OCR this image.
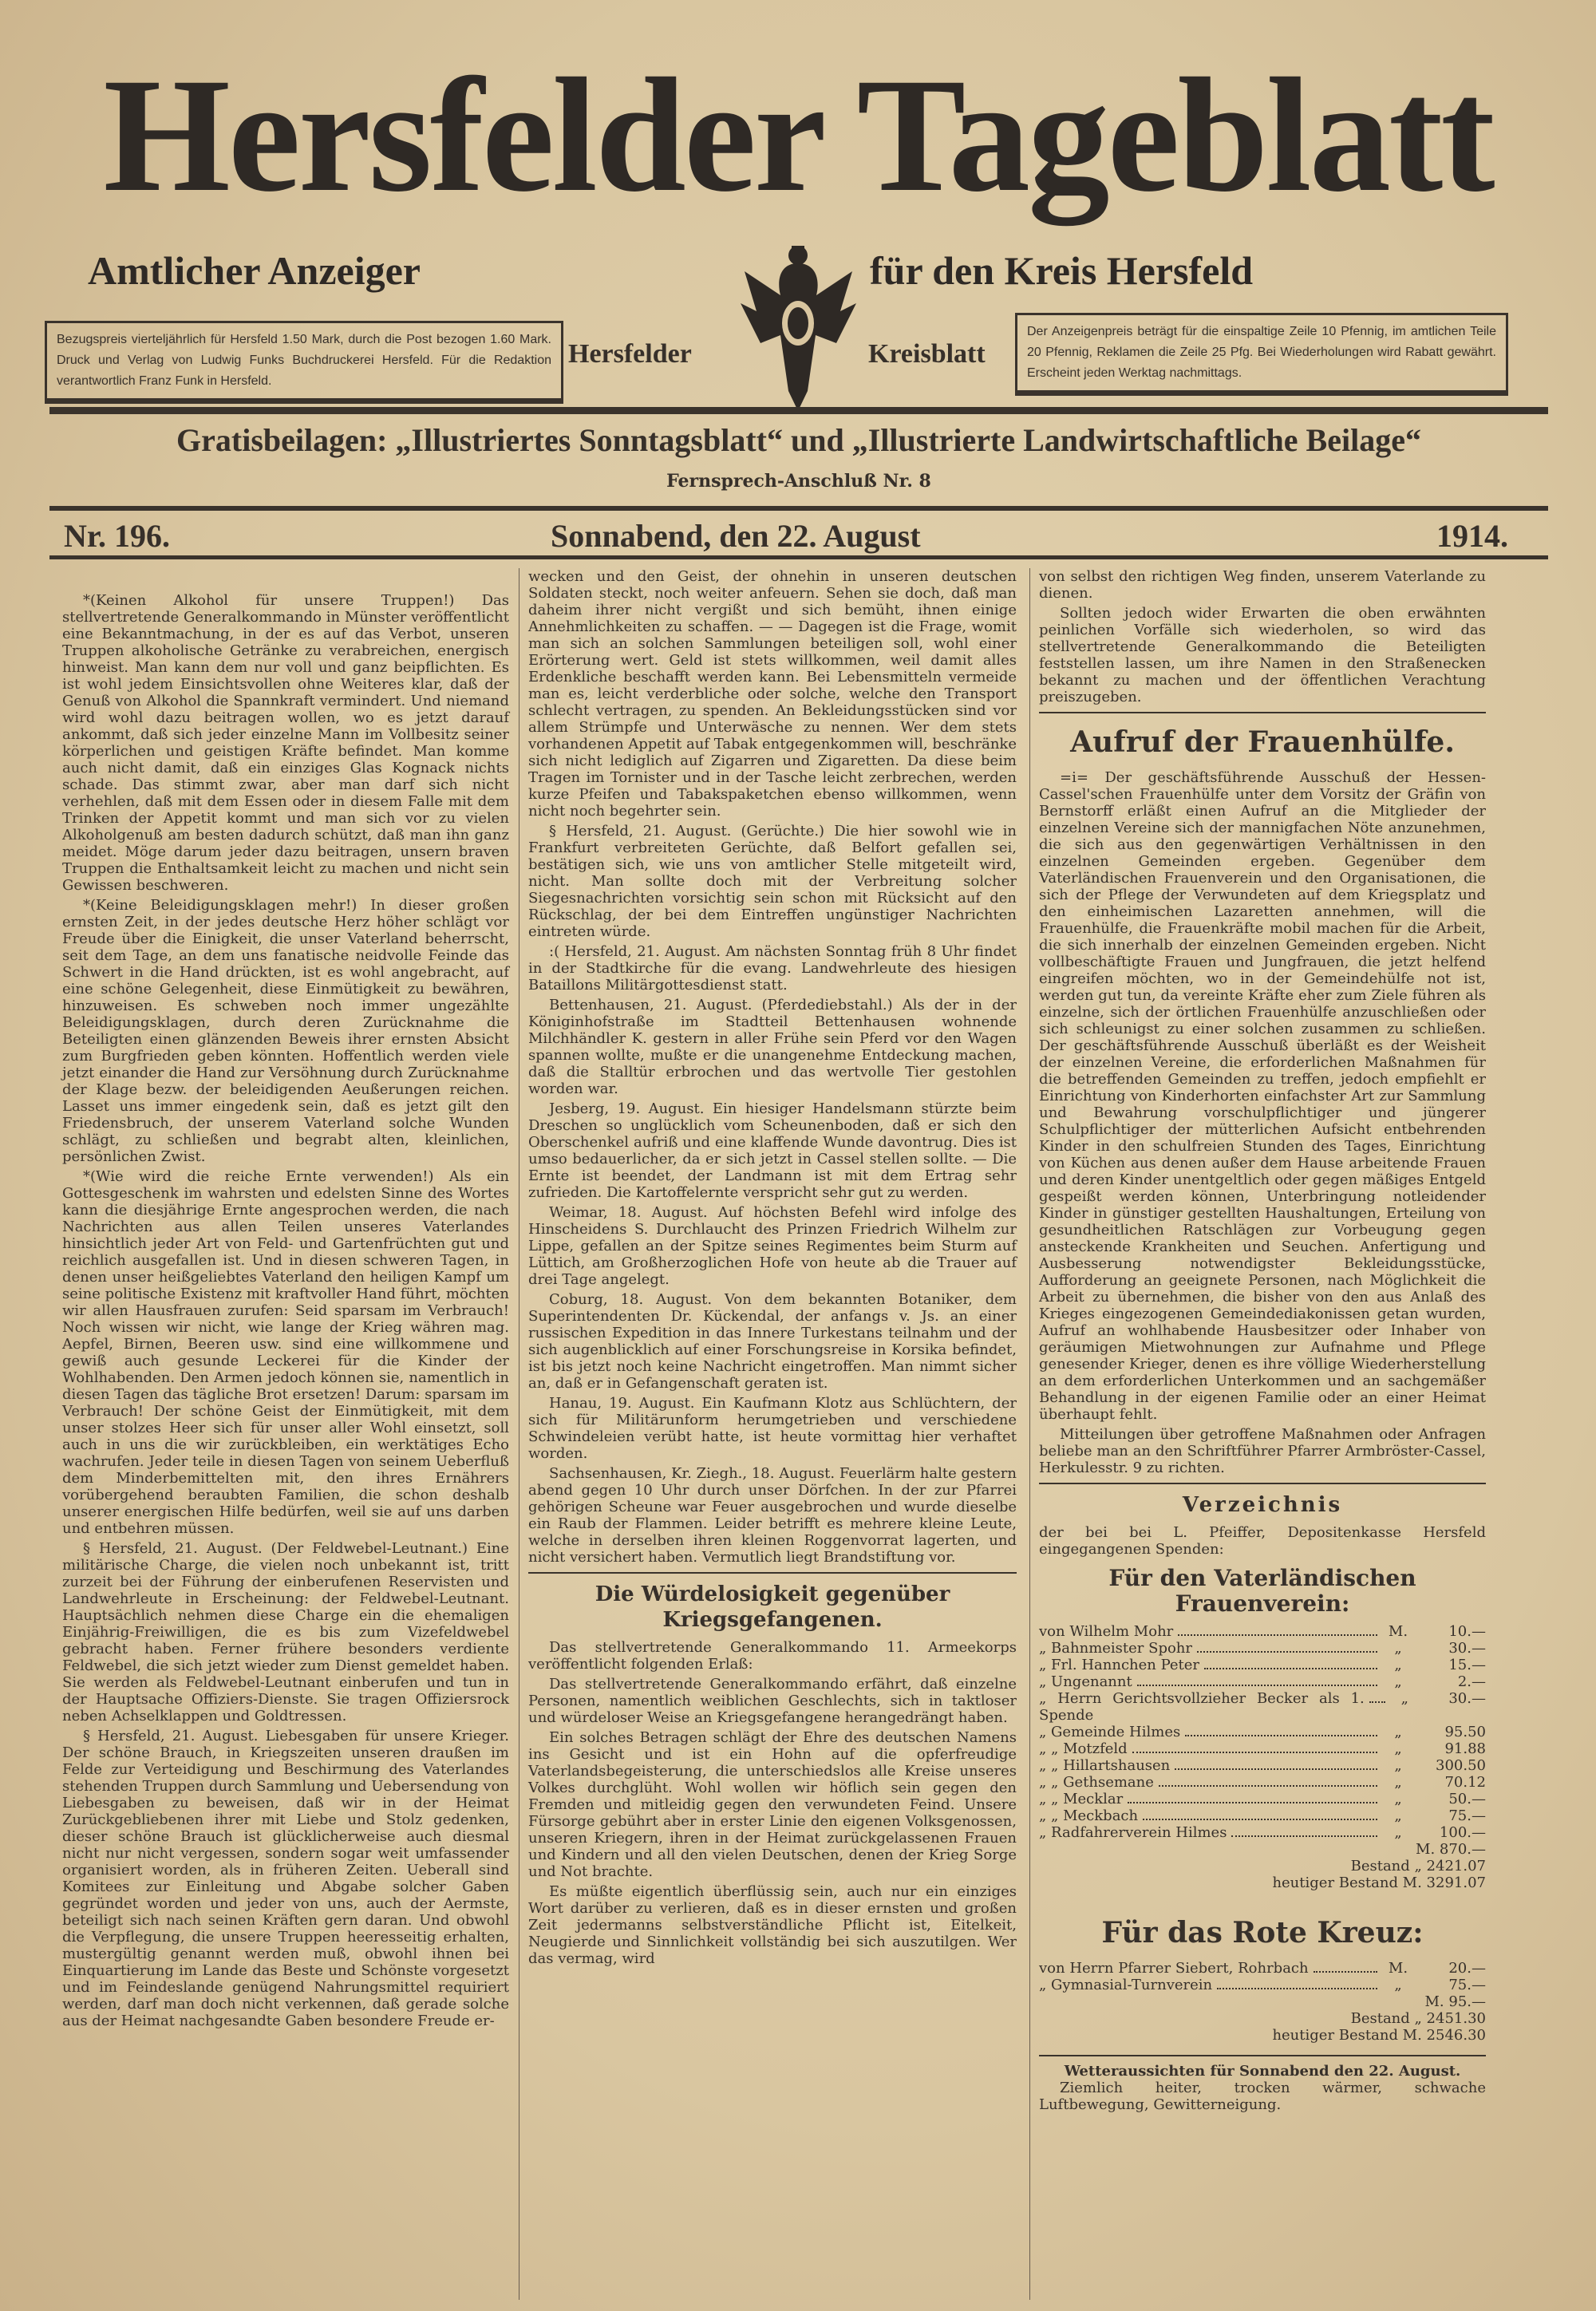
Hersfelder Tageblatt
Amtlicher Anzeiger	für den Kreis Hersfeld
Bezugspreis vierteljährlich für Hersfeld 1.50 Mark, durch die Post bezogen 1.60 Mark. Druck und Verlag von Ludwig Funks Buchdruckerei Hersfeld. Für die Redaktion verantwortlich Franz Funk in Hersfeld.
Der Anzeigenpreis beträgt für die einspaltige Zeile 10 Pfennig, im amtlichen Teile 20 Pfennig, Reklamen die Zeile 25 Pfg. Bei Wiederholungen wird Rabatt gewährt. Erscheint jeden Werktag nachmittags.
Hersfelder	Kreisblatt
Gratisbeilagen: „Illustriertes Sonntagsblatt“ und „Illustrierte Landwirtschaftliche Beilage“
Fernsprech-Anschluß Nr. 8
Nr. 196.	Sonnabend, den 22. August	1914.

*(Keinen Alkohol für unsere Truppen!) Das stellvertretende Generalkommando in Münster veröffentlicht eine Bekanntmachung, in der es auf das Verbot, unseren Truppen alkoholische Getränke zu verabreichen, energisch hinweist. Man kann dem nur voll und ganz beipflichten. Es ist wohl jedem Einsichtsvollen ohne Weiteres klar, daß der Genuß von Alkohol die Spannkraft vermindert. Und niemand wird wohl dazu beitragen wollen, wo es jetzt darauf ankommt, daß sich jeder einzelne Mann im Vollbesitz seiner körperlichen und geistigen Kräfte befindet. Man komme auch nicht damit, daß ein einziges Glas Kognack nichts schade. Das stimmt zwar, aber man darf sich nicht verhehlen, daß mit dem Essen oder in diesem Falle mit dem Trinken der Appetit kommt und man sich vor zu vielen Alkoholgenuß am besten dadurch schützt, daß man ihn ganz meidet. Möge darum jeder dazu beitragen, unsern braven Truppen die Enthaltsamkeit leicht zu machen und nicht sein Gewissen beschweren.

*(Keine Beleidigungsklagen mehr!) In dieser großen ernsten Zeit, in der jedes deutsche Herz höher schlägt vor Freude über die Einigkeit, die unser Vaterland beherrscht, seit dem Tage, an dem uns fanatische neidvolle Feinde das Schwert in die Hand drückten, ist es wohl angebracht, auf eine schöne Gelegenheit, diese Einmütigkeit zu bewähren, hinzuweisen. Es schweben noch immer ungezählte Beleidigungsklagen, durch deren Zurücknahme die Beteiligten einen glänzenden Beweis ihrer ernsten Absicht zum Burgfrieden geben könnten. Hoffentlich werden viele jetzt einander die Hand zur Versöhnung durch Zurücknahme der Klage bezw. der beleidigenden Aeußerungen reichen. Lasset uns immer eingedenk sein, daß es jetzt gilt den Friedensbruch, der unserem Vaterland solche Wunden schlägt, zu schließen und begrabt alten, kleinlichen, persönlichen Zwist.

*(Wie wird die reiche Ernte verwenden!) Als ein Gottesgeschenk im wahrsten und edelsten Sinne des Wortes kann die diesjährige Ernte angesprochen werden, die nach Nachrichten aus allen Teilen unseres Vaterlandes hinsichtlich jeder Art von Feld- und Gartenfrüchten gut und reichlich ausgefallen ist. Und in diesen schweren Tagen, in denen unser heißgeliebtes Vaterland den heiligen Kampf um seine politische Existenz mit kraftvoller Hand führt, möchten wir allen Hausfrauen zurufen: Seid sparsam im Verbrauch! Noch wissen wir nicht, wie lange der Krieg währen mag. Aepfel, Birnen, Beeren usw. sind eine willkommene und gewiß auch gesunde Leckerei für die Kinder der Wohlhabenden. Den Armen jedoch können sie, namentlich in diesen Tagen das tägliche Brot ersetzen! Darum: sparsam im Verbrauch! Der schöne Geist der Einmütigkeit, mit dem unser stolzes Heer sich für unser aller Wohl einsetzt, soll auch in uns die wir zurückbleiben, ein werktätiges Echo wachrufen. Jeder teile in diesen Tagen von seinem Ueberfluß dem Minderbemittelten mit, den ihres Ernährers vorübergehend beraubten Familien, die schon deshalb unserer energischen Hilfe bedürfen, weil sie auf uns darben und entbehren müssen.

§ Hersfeld, 21. August. (Der Feldwebel-Leutnant.) Eine militärische Charge, die vielen noch unbekannt ist, tritt zurzeit bei der Führung der einberufenen Reservisten und Landwehrleute in Erscheinung: der Feldwebel-Leutnant. Hauptsächlich nehmen diese Charge ein die ehemaligen Einjährig-Freiwilligen, die es bis zum Vizefeldwebel gebracht haben. Ferner frühere besonders verdiente Feldwebel, die sich jetzt wieder zum Dienst gemeldet haben. Sie werden als Feldwebel-Leutnant einberufen und tun in der Hauptsache Offiziers-Dienste. Sie tragen Offiziersrock neben Achselklappen und Goldtressen.

§ Hersfeld, 21. August. Liebesgaben für unsere Krieger. Der schöne Brauch, in Kriegszeiten unseren draußen im Felde zur Verteidigung und Beschirmung des Vaterlandes stehenden Truppen durch Sammlung und Uebersendung von Liebesgaben zu beweisen, daß wir in der Heimat Zurückgebliebenen ihrer mit Liebe und Stolz gedenken, dieser schöne Brauch ist glücklicherweise auch diesmal nicht nur nicht vergessen, sondern sogar weit umfassender organisiert worden, als in früheren Zeiten. Ueberall sind Komitees zur Einleitung und Abgabe solcher Gaben gegründet worden und jeder von uns, auch der Aermste, beteiligt sich nach seinen Kräften gern daran. Und obwohl die Verpflegung, die unsere Truppen heeresseitig erhalten, mustergültig genannt werden muß, obwohl ihnen bei Einquartierung im Lande das Beste und Schönste vorgesetzt und im Feindeslande genügend Nahrungsmittel requiriert werden, darf man doch nicht verkennen, daß gerade solche aus der Heimat nachgesandte Gaben besondere Freude er-

wecken und den Geist, der ohnehin in unseren deutschen Soldaten steckt, noch weiter anfeuern. Sehen sie doch, daß man daheim ihrer nicht vergißt und sich bemüht, ihnen einige Annehmlichkeiten zu schaffen. — — Dagegen ist die Frage, womit man sich an solchen Sammlungen beteiligen soll, wohl einer Erörterung wert. Geld ist stets willkommen, weil damit alles Erdenkliche beschafft werden kann. Bei Lebensmitteln vermeide man es, leicht verderbliche oder solche, welche den Transport schlecht vertragen, zu spenden. An Bekleidungsstücken sind vor allem Strümpfe und Unterwäsche zu nennen. Wer dem stets vorhandenen Appetit auf Tabak entgegenkommen will, beschränke sich nicht lediglich auf Zigarren und Zigaretten. Da diese beim Tragen im Tornister und in der Tasche leicht zerbrechen, werden kurze Pfeifen und Tabakspaketchen ebenso willkommen, wenn nicht noch begehrter sein.

§ Hersfeld, 21. August. (Gerüchte.) Die hier sowohl wie in Frankfurt verbreiteten Gerüchte, daß Belfort gefallen sei, bestätigen sich, wie uns von amtlicher Stelle mitgeteilt wird, nicht. Man sollte doch mit der Verbreitung solcher Siegesnachrichten vorsichtig sein schon mit Rücksicht auf den Rückschlag, der bei dem Eintreffen ungünstiger Nachrichten eintreten würde.

:( Hersfeld, 21. August. Am nächsten Sonntag früh 8 Uhr findet in der Stadtkirche für die evang. Landwehrleute des hiesigen Bataillons Militärgottesdienst statt.

Bettenhausen, 21. August. (Pferdediebstahl.) Als der in der Königinhofstraße im Stadtteil Bettenhausen wohnende Milchhändler K. gestern in aller Frühe sein Pferd vor den Wagen spannen wollte, mußte er die unangenehme Entdeckung machen, daß die Stalltür erbrochen und das wertvolle Tier gestohlen worden war.

Jesberg, 19. August. Ein hiesiger Handelsmann stürzte beim Dreschen so unglücklich vom Scheunenboden, daß er sich den Oberschenkel aufriß und eine klaffende Wunde davontrug. Dies ist umso bedauerlicher, da er sich jetzt in Cassel stellen sollte. — Die Ernte ist beendet, der Landmann ist mit dem Ertrag sehr zufrieden. Die Kartoffelernte verspricht sehr gut zu werden.

Weimar, 18. August. Auf höchsten Befehl wird infolge des Hinscheidens S. Durchlaucht des Prinzen Friedrich Wilhelm zur Lippe, gefallen an der Spitze seines Regimentes beim Sturm auf Lüttich, am Großherzoglichen Hofe von heute ab die Trauer auf drei Tage angelegt.

Coburg, 18. August. Von dem bekannten Botaniker, dem Superintendenten Dr. Kückendal, der anfangs v. Js. an einer russischen Expedition in das Innere Turkestans teilnahm und der sich augenblicklich auf einer Forschungsreise in Korsika befindet, ist bis jetzt noch keine Nachricht eingetroffen. Man nimmt sicher an, daß er in Gefangenschaft geraten ist.

Hanau, 19. August. Ein Kaufmann Klotz aus Schlüchtern, der sich für Militärunform herumgetrieben und verschiedene Schwindeleien verübt hatte, ist heute vormittag hier verhaftet worden.

Sachsenhausen, Kr. Ziegh., 18. August. Feuerlärm halte gestern abend gegen 10 Uhr durch unser Dörfchen. In der zur Pfarrei gehörigen Scheune war Feuer ausgebrochen und wurde dieselbe ein Raub der Flammen. Leider betrifft es mehrere kleine Leute, welche in derselben ihren kleinen Roggenvorrat lagerten, und nicht versichert haben. Vermutlich liegt Brandstiftung vor.

Die Würdelosigkeit gegenüber Kriegsgefangenen.

Das stellvertretende Generalkommando 11. Armeekorps veröffentlicht folgenden Erlaß:

Das stellvertretende Generalkommando erfährt, daß einzelne Personen, namentlich weiblichen Geschlechts, sich in taktloser und würdeloser Weise an Kriegsgefangene herangedrängt haben.

Ein solches Betragen schlägt der Ehre des deutschen Namens ins Gesicht und ist ein Hohn auf die opferfreudige Vaterlandsbegeisterung, die unterschiedslos alle Kreise unseres Volkes durchglüht. Wohl wollen wir höflich sein gegen den Fremden und mitleidig gegen den verwundeten Feind. Unsere Fürsorge gebührt aber in erster Linie den eigenen Volksgenossen, unseren Kriegern, ihren in der Heimat zurückgelassenen Frauen und Kindern und all den vielen Deutschen, denen der Krieg Sorge und Not brachte.

Es müßte eigentlich überflüssig sein, auch nur ein einziges Wort darüber zu verlieren, daß es in dieser ernsten und großen Zeit jedermanns selbstverständliche Pflicht ist, Eitelkeit, Neugierde und Sinnlichkeit vollständig bei sich auszutilgen. Wer das vermag, wird

von selbst den richtigen Weg finden, unserem Vaterlande zu dienen.

Sollten jedoch wider Erwarten die oben erwähnten peinlichen Vorfälle sich wiederholen, so wird das stellvertretende Generalkommando die Beteiligten feststellen lassen, um ihre Namen in den Straßenecken bekannt zu machen und der öffentlichen Verachtung preiszugeben.

Aufruf der Frauenhülfe.

=i= Der geschäftsführende Ausschuß der Hessen-Cassel'schen Frauenhülfe unter dem Vorsitz der Gräfin von Bernstorff erläßt einen Aufruf an die Mitglieder der einzelnen Vereine sich der mannigfachen Nöte anzunehmen, die sich aus den gegenwärtigen Verhältnissen in den einzelnen Gemeinden ergeben. Gegenüber dem Vaterländischen Frauenverein und den Organisationen, die sich der Pflege der Verwundeten auf dem Kriegsplatz und den einheimischen Lazaretten annehmen, will die Frauenhülfe, die Frauenkräfte mobil machen für die Arbeit, die sich innerhalb der einzelnen Gemeinden ergeben. Nicht vollbeschäftigte Frauen und Jungfrauen, die jetzt helfend eingreifen möchten, wo in der Gemeindehülfe not ist, werden gut tun, da vereinte Kräfte eher zum Ziele führen als einzelne, sich der örtlichen Frauenhülfe anzuschließen oder sich schleunigst zu einer solchen zusammen zu schließen. Der geschäftsführende Ausschuß überläßt es der Weisheit der einzelnen Vereine, die erforderlichen Maßnahmen für die betreffenden Gemeinden zu treffen, jedoch empfiehlt er Einrichtung von Kinderhorten einfachster Art zur Sammlung und Bewahrung vorschulpflichtiger und jüngerer Schulpflichtiger der mütterlichen Aufsicht entbehrenden Kinder in den schulfreien Stunden des Tages, Einrichtung von Küchen aus denen außer dem Hause arbeitende Frauen und deren Kinder unentgeltlich oder gegen mäßiges Entgeld gespeißt werden können, Unterbringung notleidender Kinder in günstiger gestellten Haushaltungen, Erteilung von gesundheitlichen Ratschlägen zur Vorbeugung gegen ansteckende Krankheiten und Seuchen. Anfertigung und Ausbesserung notwendigster Bekleidungsstücke, Aufforderung an geeignete Personen, nach Möglichkeit die Arbeit zu übernehmen, die bisher von den aus Anlaß des Krieges eingezogenen Gemeindediakonissen getan wurden, Aufruf an wohlhabende Hausbesitzer oder Inhaber von geräumigen Mietwohnungen zur Aufnahme und Pflege genesender Krieger, denen es ihre völlige Wiederherstellung an dem erforderlichen Unterkommen und an sachgemäßer Behandlung in der eigenen Familie oder an einer Heimat überhaupt fehlt.

Mitteilungen über getroffene Maßnahmen oder Anfragen beliebe man an den Schriftführer Pfarrer Armbröster-Cassel, Herkulesstr. 9 zu richten.

Verzeichnis

der bei bei L. Pfeiffer, Depositenkasse Hersfeld eingegangenen Spenden:

Für den Vaterländischen Frauenverein:
von Wilhelm Mohr	M.	10.—
„ Bahnmeister Spohr	„	30.—
„ Frl. Hannchen Peter	„	15.—
„ Ungenannt	„	2.—
„ Herrn Gerichtsvollzieher Becker als 1. Spende
„	30.—
„ Gemeinde Hilmes	„	95.50
„ „ Motzfeld	„	91.88
„ „ Hillartshausen	„	300.50
„ „ Gethsemane	„	70.12
„ „ Mecklar	„	50.—
„ „ Meckbach	„	75.—
„ Radfahrerverein Hilmes	„	100.—
M. 870.—
Bestand „ 2421.07
heutiger Bestand M. 3291.07
Für das Rote Kreuz:
von Herrn Pfarrer Siebert, Rohrbach	M.	20.—
„ Gymnasial-Turnverein	„	75.—
M. 95.—
Bestand „ 2451.30
heutiger Bestand M. 2546.30
Wetteraussichten für Sonnabend den 22. August.

Ziemlich heiter, trocken wärmer, schwache Luftbewegung, Gewitterneigung.
